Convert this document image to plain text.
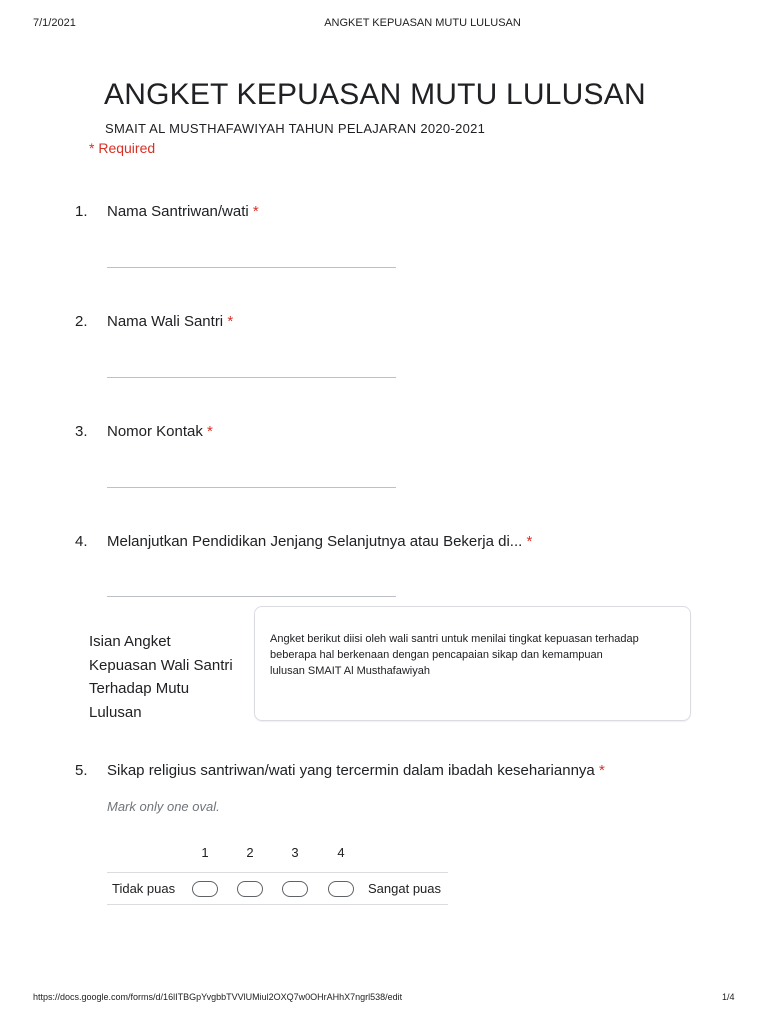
7/1/2021	ANGKET KEPUASAN MUTU LULUSAN
ANGKET KEPUASAN MUTU LULUSAN
SMAIT AL MUSTHAFAWIYAH TAHUN PELAJARAN 2020-2021
* Required
1. Nama Santriwan/wati *
2. Nama Wali Santri *
3. Nomor Kontak *
4. Melanjutkan Pendidikan Jenjang Selanjutnya atau Bekerja di... *
Isian Angket Kepuasan Wali Santri Terhadap Mutu Lulusan
Angket berikut diisi oleh wali santri untuk menilai tingkat kepuasan terhadap beberapa hal berkenaan dengan pencapaian sikap dan kemampuan lulusan SMAIT Al Musthafawiyah
5. Sikap religius santriwan/wati yang tercermin dalam ibadah kesehariannya *
Mark only one oval.
1	2	3	4
Tidak puas	Sangat puas
https://docs.google.com/forms/d/16lITBGpYvgbbTVVlUMiul2OXQ7w0OHrAHhX7ngrl538/edit	1/4
